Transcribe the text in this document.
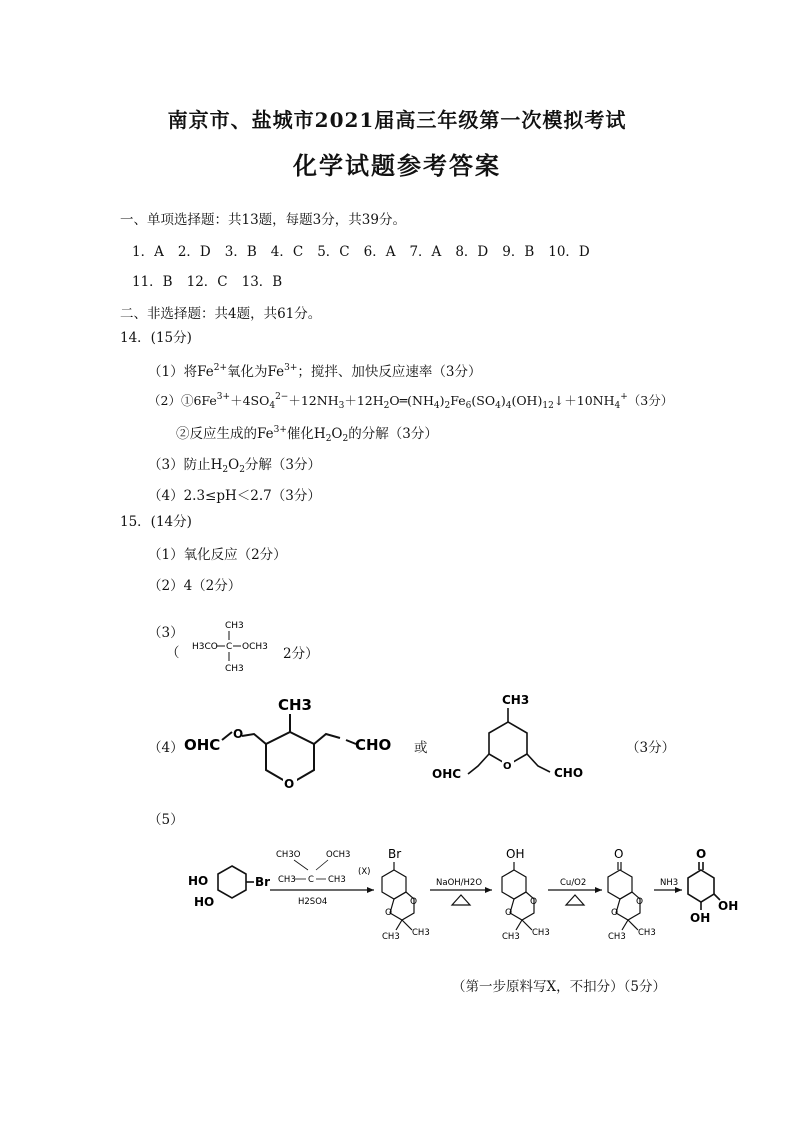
南京市、盐城市2021届高三年级第一次模拟考试
化学试题参考答案
一、单项选择题：共13题，每题3分，共39分。
1．A 2．D 3．B 4．C 5．C 6．A 7．A 8．D 9．B 10．D
11．B 12．C 13．B
二、非选择题：共4题，共61分。
14．(15分)
（1）将$Fe^{2+}$氧化为$Fe^{3+}$；搅拌、加快反应速率（3分）
$(2)①6Fe^{3+}+4SO_4^{2-}+12NH_3+12H_2O═(NH_4)_2Fe_6(SO_4)_4(OH)_{12}↓+10NH_4^+(3$分）
②反应生成的$Fe^{3+}$催化$H_2O_2$的分解（3分）
（3）防止$H_2O_2$分解（3分）
（4）2.3≤pH＜2.7（3分）
15．(14分)
（1）氧化反应（2分）
（2）4（2分）
（3）
（	2分）
CH3
H3CO C OCH3
CH3
（4）
CH3
O
O
OHC	CHO 或
CH3
O
OHC	CHO
（3分）
（5）
HO
HO
Br
CH3O	OCH3
CH3 C CH3
(X)
H2SO4
Br
O
O
CH3 CH3
NaOH/H2O
OH
O
O
CH3 CH3
Cu/O2
O
O
O
CH3 CH3
NH3
O
OH
OH
（第一步原料写X，不扣分）（5分）
